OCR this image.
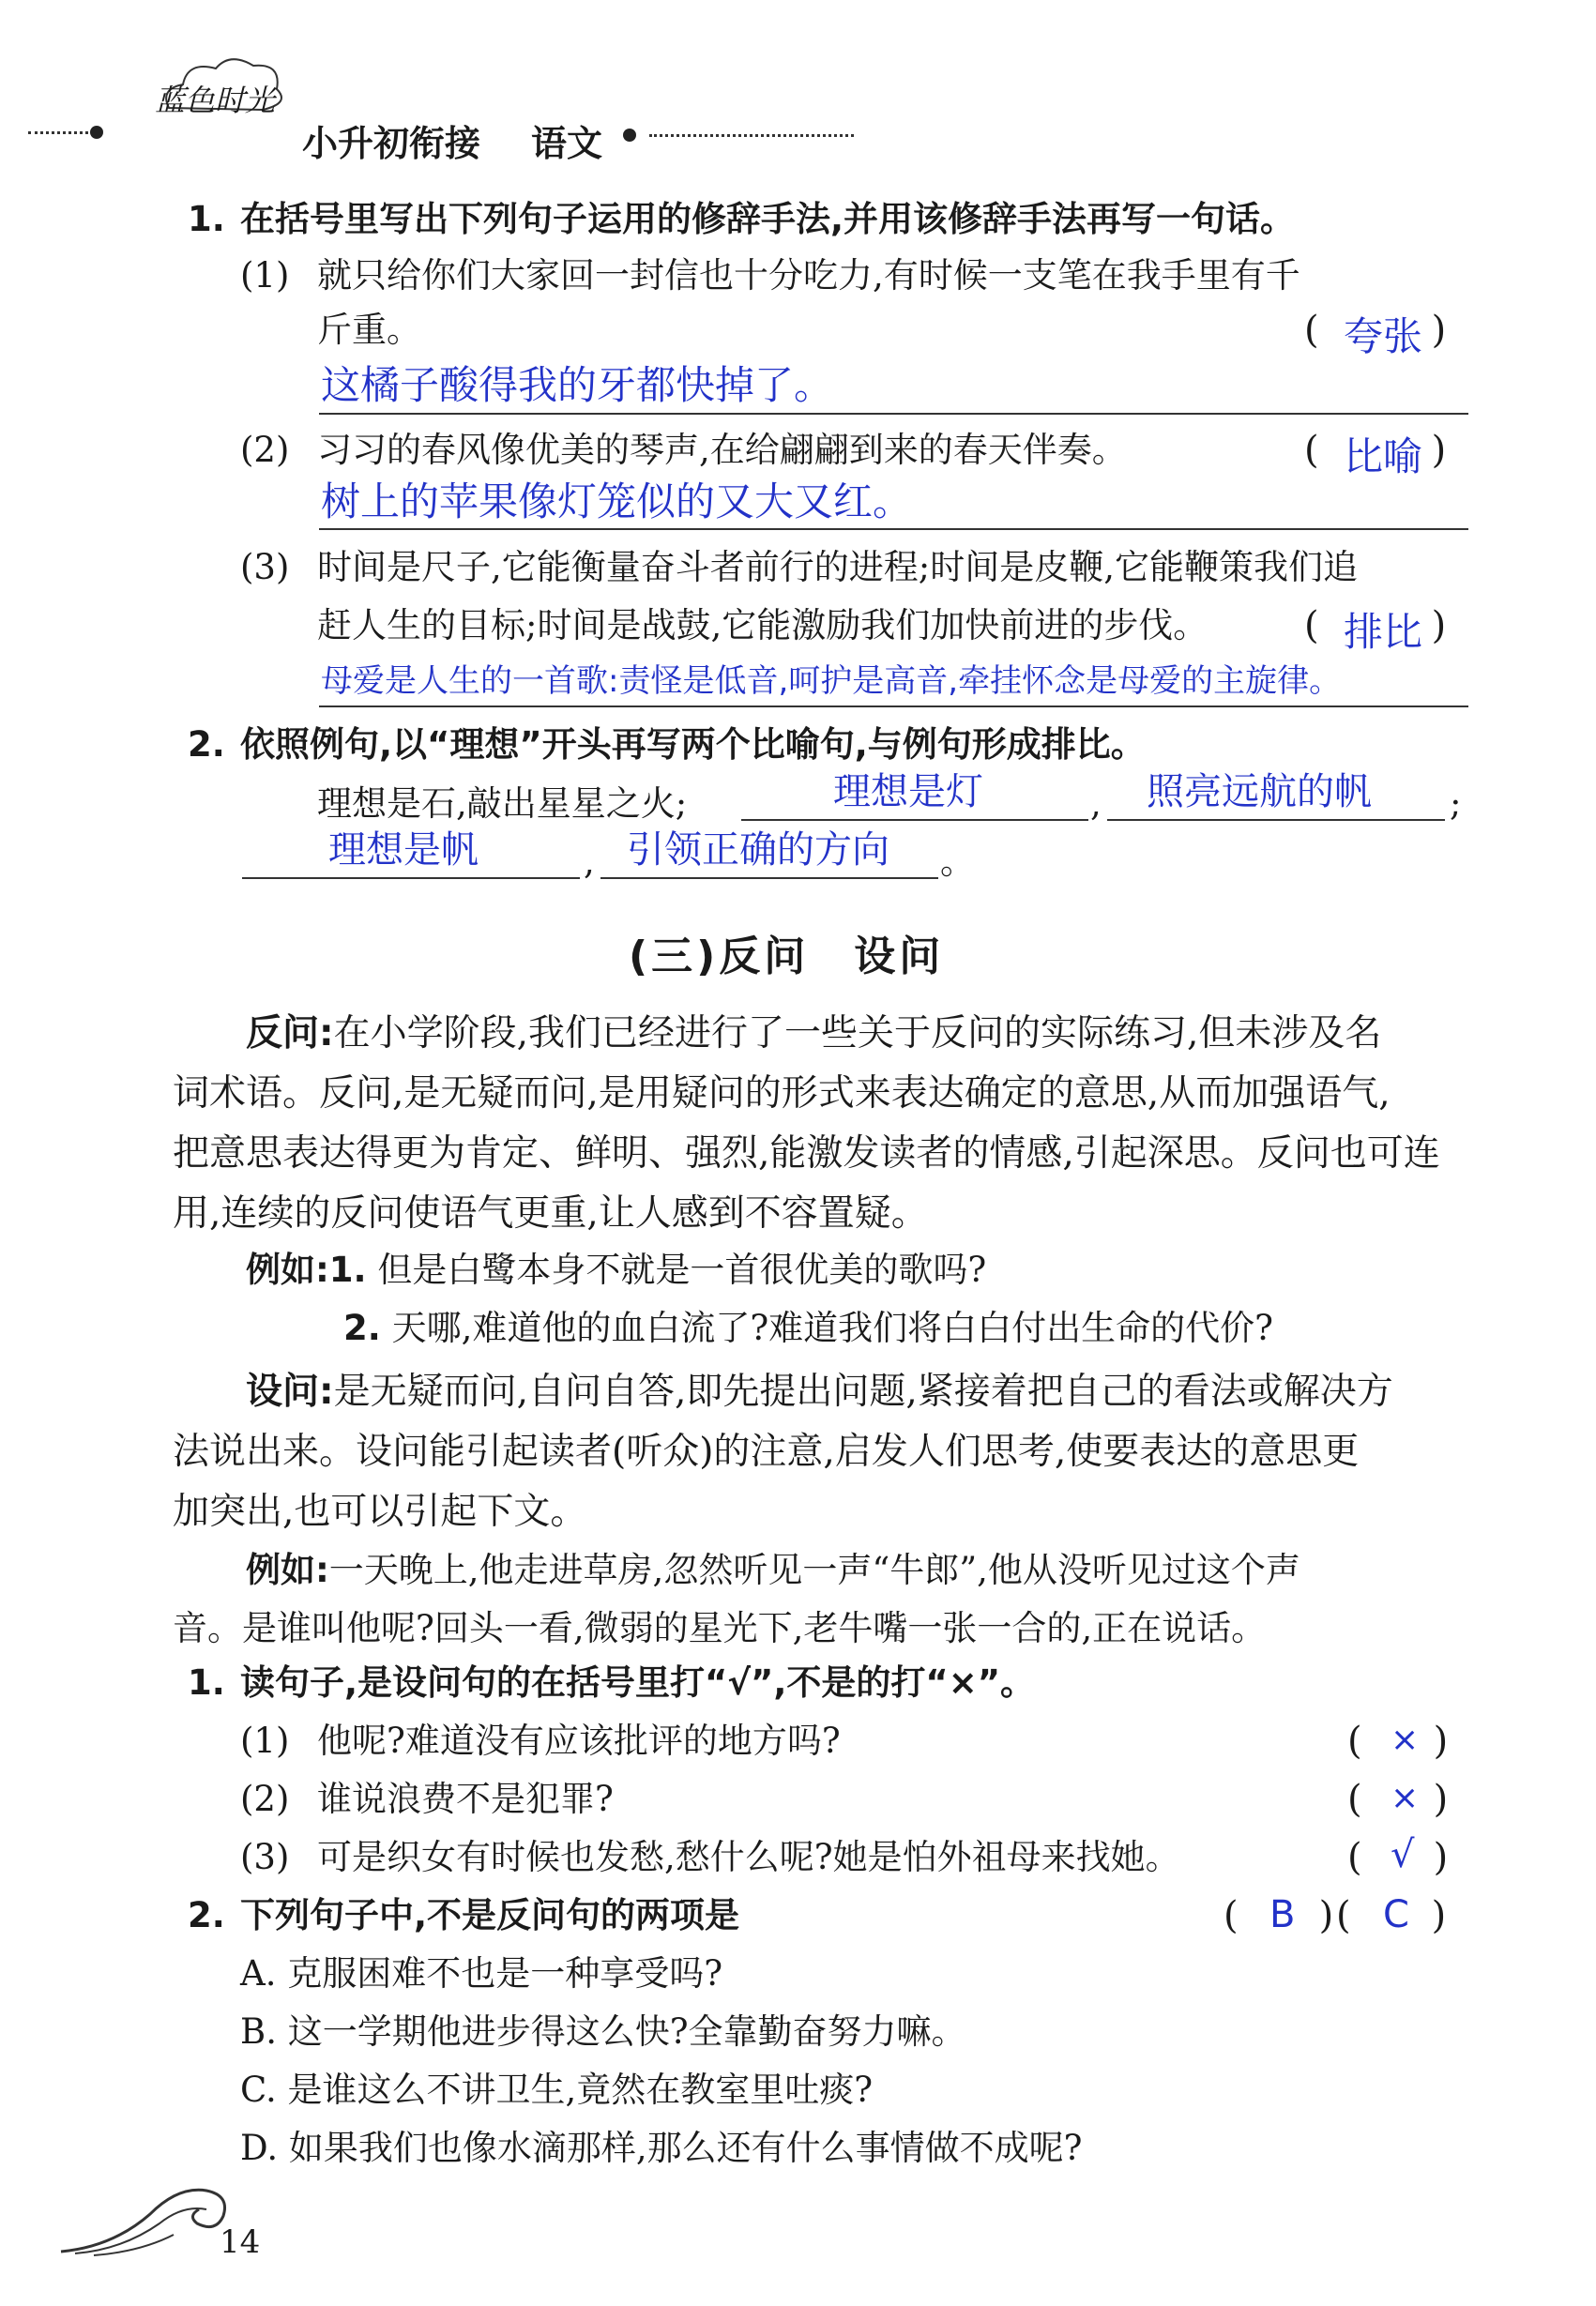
蓝色时光
小升初衔接 语文
1. 在括号里写出下列句子运用的修辞手法,并用该修辞手法再写一句话。
(1) 就只给你们大家回一封信也十分吃力,有时候一支笔在我手里有千
斤重。	(	)
夸张
这橘子酸得我的牙都快掉了。
(2) 习习的春风像优美的琴声,在给翩翩到来的春天伴奏。	(	)
比喻
树上的苹果像灯笼似的又大又红。
(3) 时间是尺子,它能衡量奋斗者前行的进程;时间是皮鞭,它能鞭策我们追
赶人生的目标;时间是战鼓,它能激励我们加快前进的步伐。	(	)
排比
母爱是人生的一首歌:责怪是低音,呵护是高音,牵挂怀念是母爱的主旋律。
2. 依照例句,以“理想”开头再写两个比喻句,与例句形成排比。
理想是石,敲出星星之火;	理想是灯	, 照亮远航的帆 ;
理想是帆	, 引领正确的方向 。
(三)反问　设问
反问:在小学阶段,我们已经进行了一些关于反问的实际练习,但未涉及名
词术语。反问,是无疑而问,是用疑问的形式来表达确定的意思,从而加强语气,
把意思表达得更为肯定、鲜明、强烈,能激发读者的情感,引起深思。反问也可连
用,连续的反问使语气更重,让人感到不容置疑。
例如:1. 但是白鹭本身不就是一首很优美的歌吗?
2. 天哪,难道他的血白流了?难道我们将白白付出生命的代价?
设问:是无疑而问,自问自答,即先提出问题,紧接着把自己的看法或解决方
法说出来。设问能引起读者(听众)的注意,启发人们思考,使要表达的意思更
加突出,也可以引起下文。
例如:一天晚上,他走进草房,忽然听见一声“牛郎”,他从没听见过这个声
音。是谁叫他呢?回头一看,微弱的星光下,老牛嘴一张一合的,正在说话。
1. 读句子,是设问句的在括号里打“√”,不是的打“×”。
(1) 他呢?难道没有应该批评的地方吗?	( )
×
(2) 谁说浪费不是犯罪?	( )
×
(3) 可是织女有时候也发愁,愁什么呢?她是怕外祖母来找她。	( )
√
2. 下列句子中,不是反问句的两项是	( )
B ( )
C
A. 克服困难不也是一种享受吗?
B. 这一学期他进步得这么快?全靠勤奋努力嘛。
C. 是谁这么不讲卫生,竟然在教室里吐痰?
D. 如果我们也像水滴那样,那么还有什么事情做不成呢?
14
